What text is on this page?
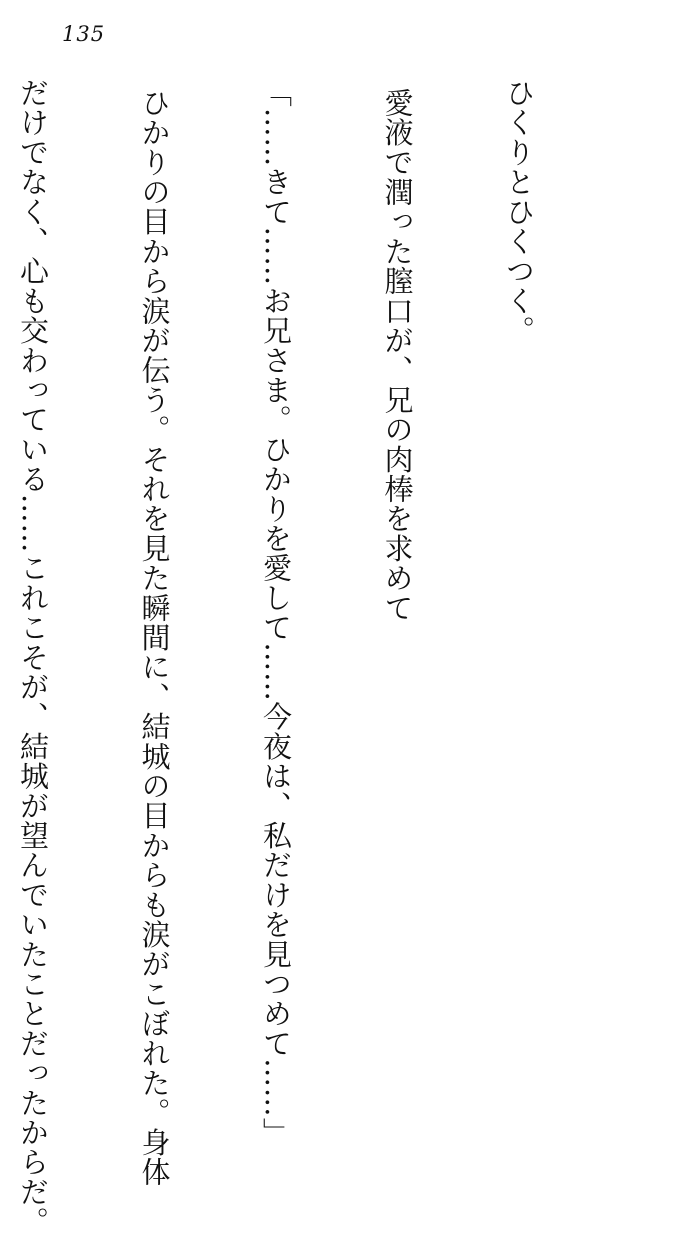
135

ひくりとひくつく。

愛液で潤った膣口が、兄の肉棒を求めて

「……きて……お兄さま。ひかりを愛して……今夜は、私だけを見つめて……」

ひかりの目から涙が伝う。それを見た瞬間に、結城の目からも涙がこぼれた。身体

だけでなく、心も交わっている……これこそが、結城が望んでいたことだったからだ。
